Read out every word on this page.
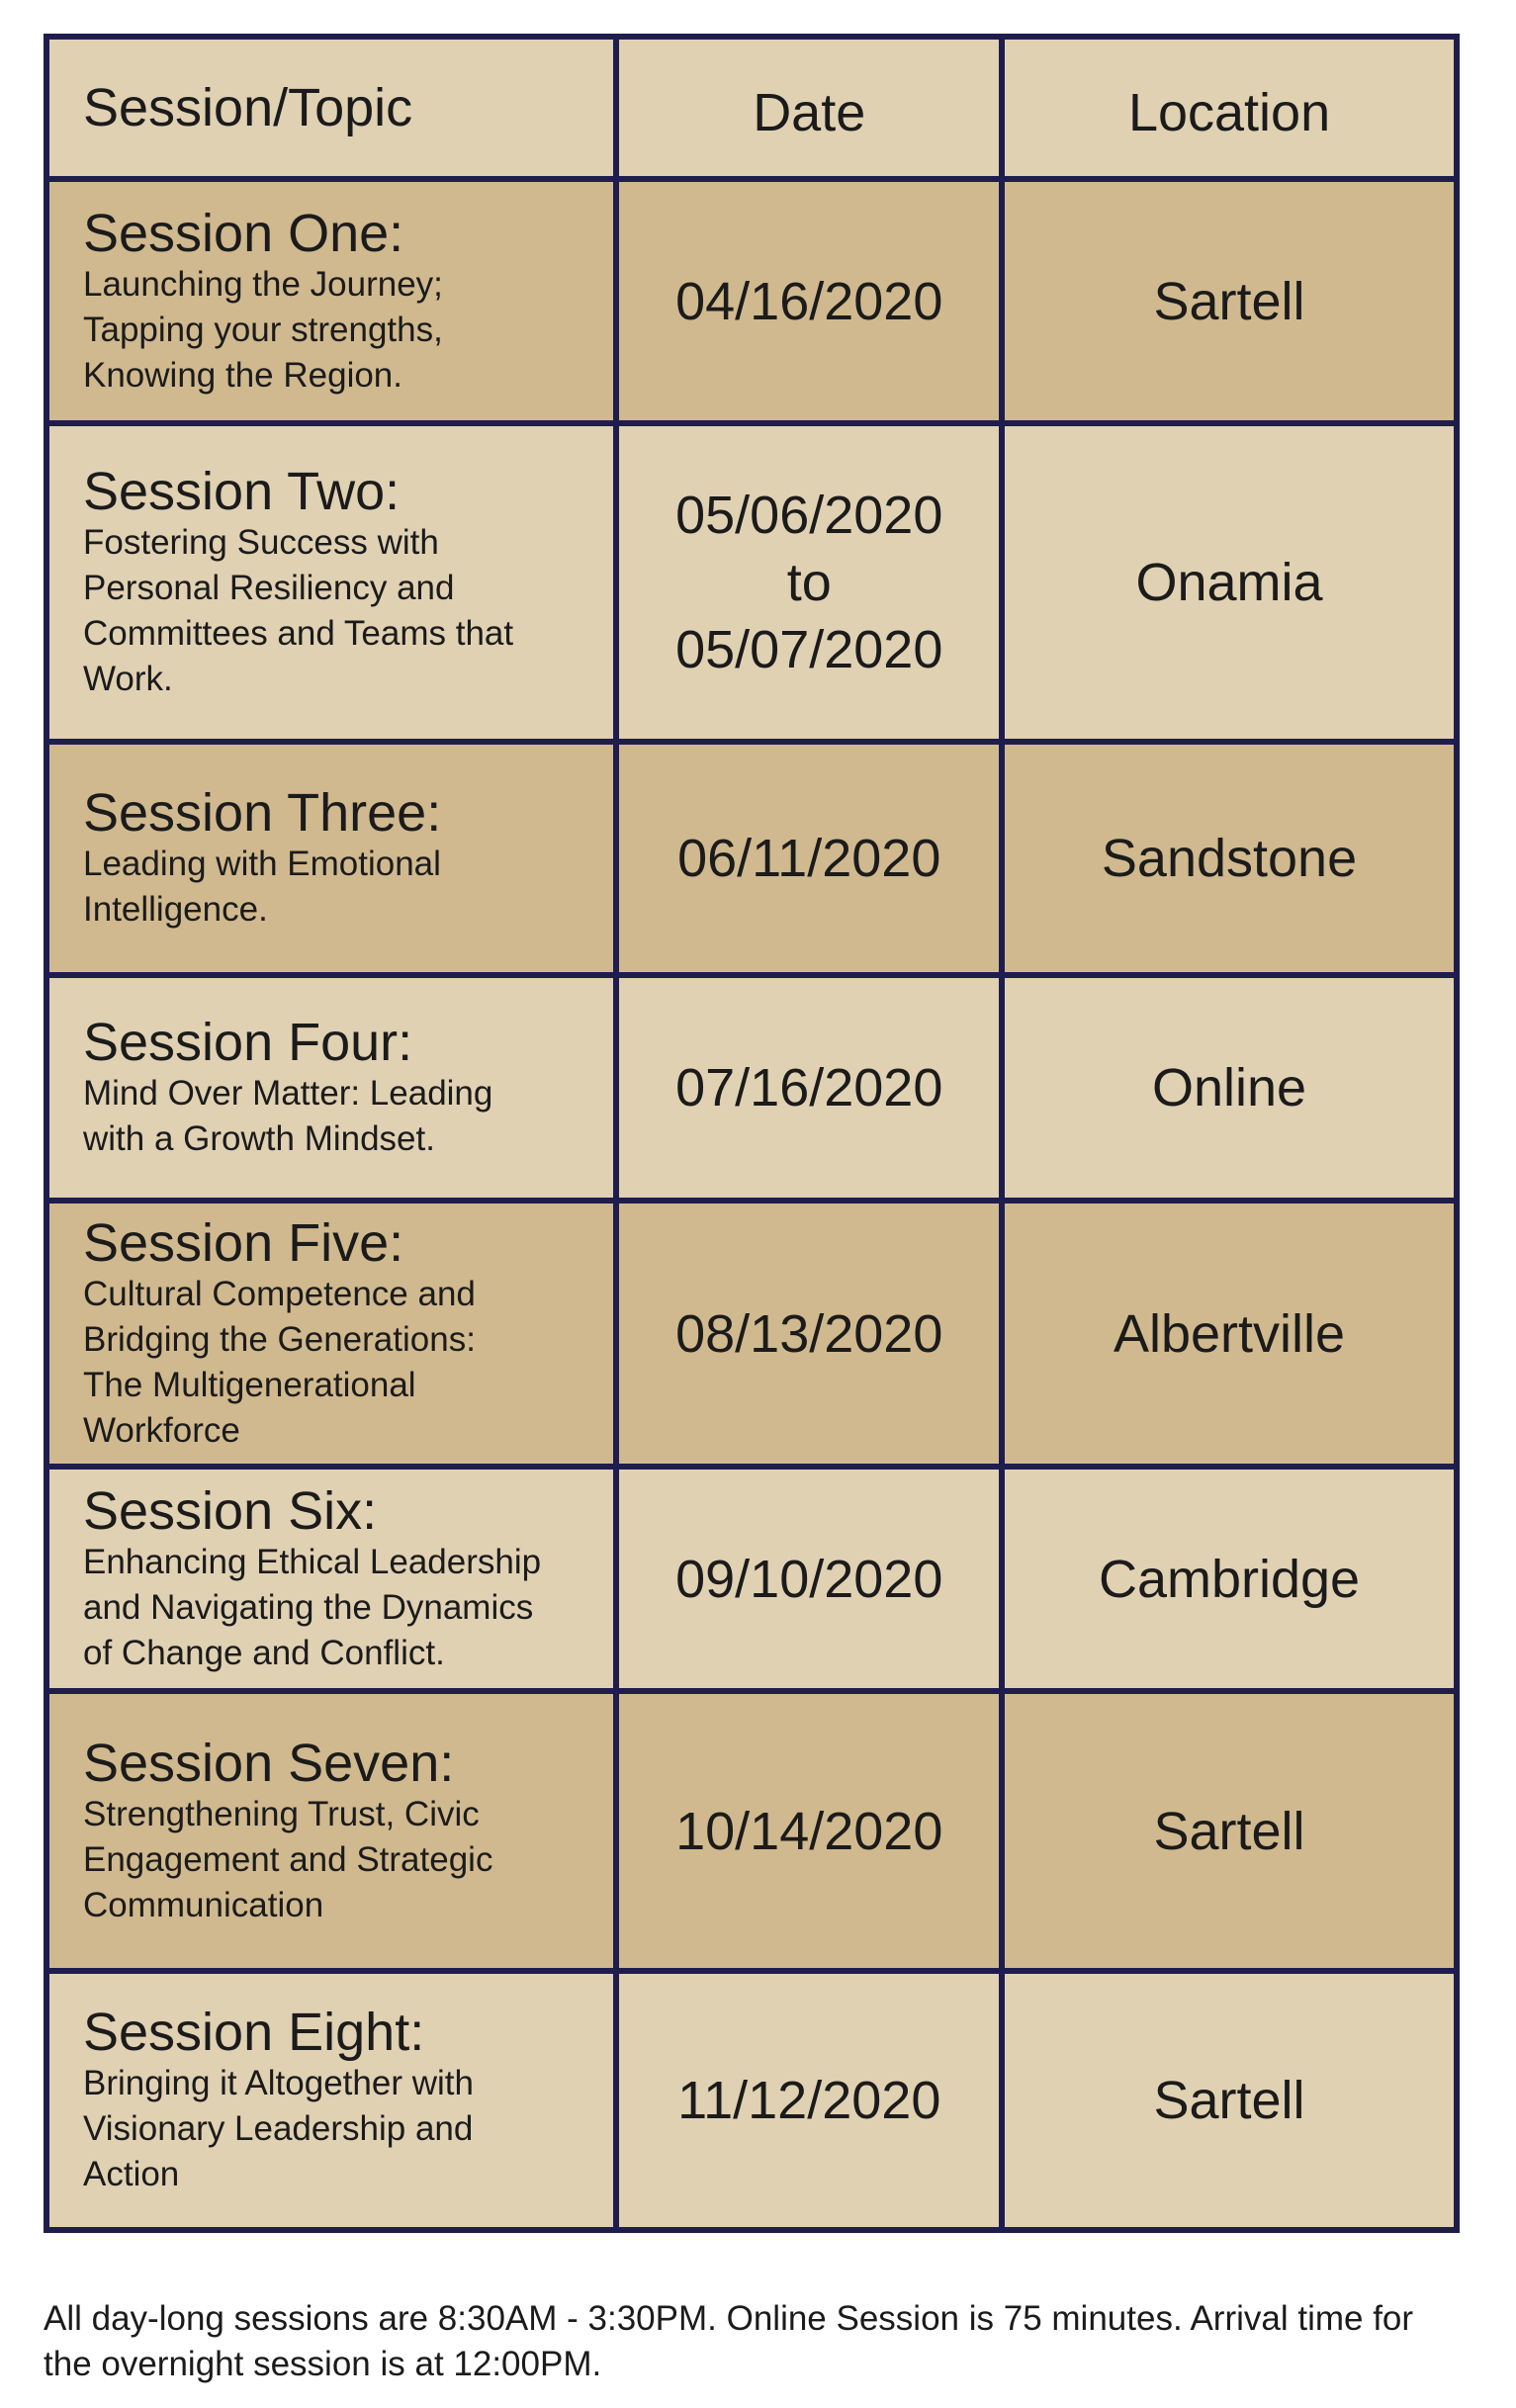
Session/Topic	Date	Location

Session One:
Launching the Journey;
Tapping your strengths,
Knowing the Region.	04/16/2020	Sartell

Session Two:
Fostering Success with
Personal Resiliency and
Committees and Teams that
Work.	05/06/2020
to
05/07/2020	Onamia

Session Three:
Leading with Emotional
Intelligence.	06/11/2020	Sandstone

Session Four:
Mind Over Matter: Leading
with a Growth Mindset.	07/16/2020	Online

Session Five:
Cultural Competence and
Bridging the Generations:
The Multigenerational
Workforce	08/13/2020	Albertville

Session Six:
Enhancing Ethical Leadership
and Navigating the Dynamics
of Change and Conflict.	09/10/2020	Cambridge

Session Seven:
Strengthening Trust, Civic
Engagement and Strategic
Communication	10/14/2020	Sartell

Session Eight:
Bringing it Altogether with
Visionary Leadership and
Action	11/12/2020	Sartell
All day-long sessions are 8:30AM - 3:30PM. Online Session is 75 minutes. Arrival time for the overnight session is at 12:00PM.
